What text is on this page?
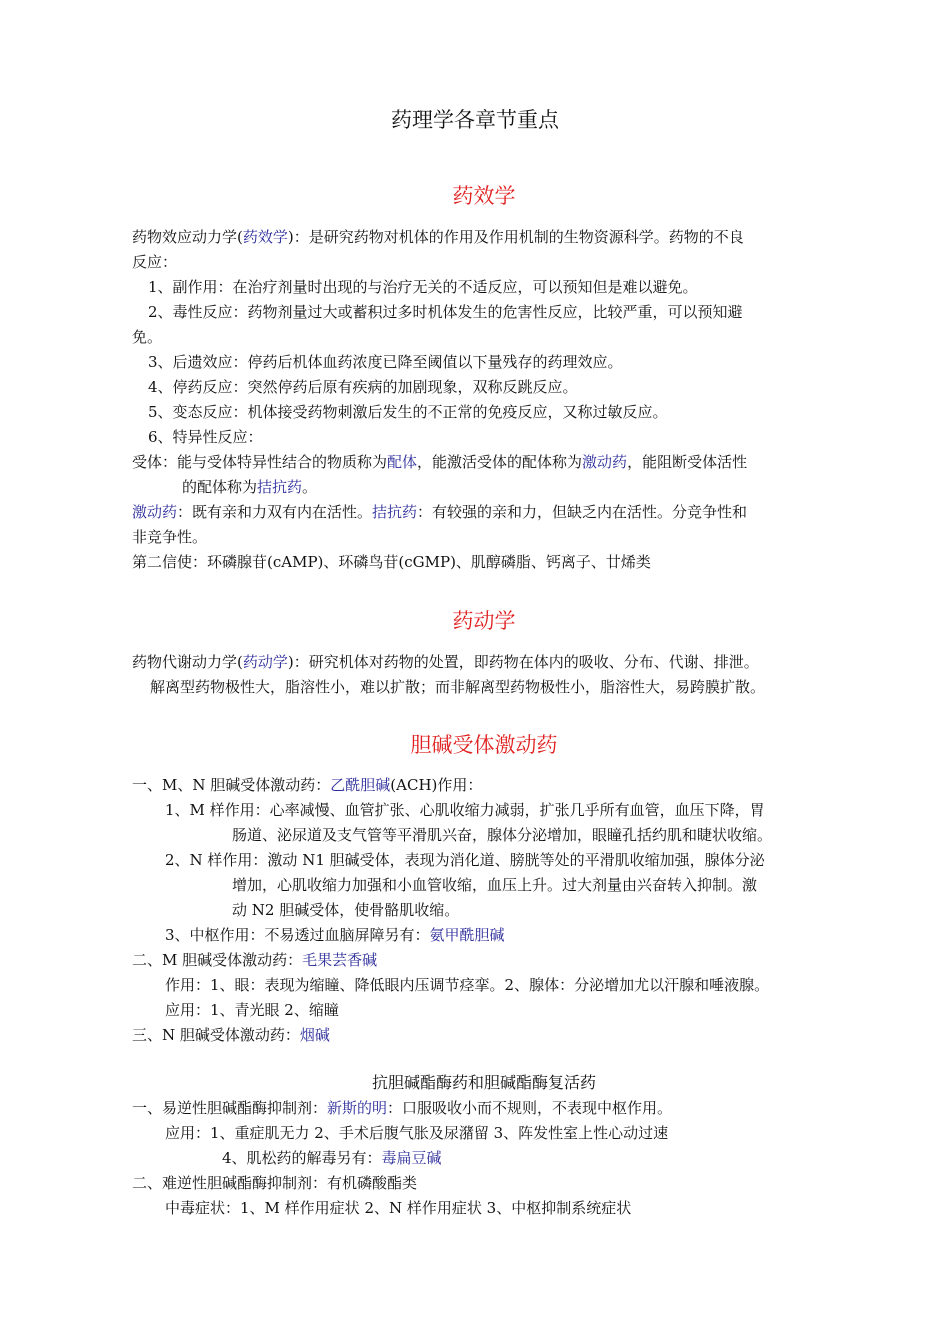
药理学各章节重点
药效学
药物效应动力学(药效学)：是研究药物对机体的作用及作用机制的生物资源科学。药物的不良
反应：
1、副作用：在治疗剂量时出现的与治疗无关的不适反应，可以预知但是难以避免。
2、毒性反应：药物剂量过大或蓄积过多时机体发生的危害性反应，比较严重，可以预知避
免。
3、后遗效应：停药后机体血药浓度已降至阈值以下量残存的药理效应。
4、停药反应：突然停药后原有疾病的加剧现象，双称反跳反应。
5、变态反应：机体接受药物刺激后发生的不正常的免疫反应，又称过敏反应。
6、特异性反应：
受体：能与受体特异性结合的物质称为配体，能激活受体的配体称为激动药，能阻断受体活性
的配体称为拮抗药。
激动药：既有亲和力双有内在活性。拮抗药：有较强的亲和力，但缺乏内在活性。分竞争性和
非竞争性。
第二信使：环磷腺苷(cAMP)、环磷鸟苷(cGMP)、肌醇磷脂、钙离子、廿烯类
药动学
药物代谢动力学(药动学)：研究机体对药物的处置，即药物在体内的吸收、分布、代谢、排泄。
解离型药物极性大，脂溶性小，难以扩散；而非解离型药物极性小，脂溶性大，易跨膜扩散。
胆碱受体激动药
一、M、N 胆碱受体激动药：乙酰胆碱(ACH)作用：
1、M 样作用：心率减慢、血管扩张、心肌收缩力减弱，扩张几乎所有血管，血压下降，胃
肠道、泌尿道及支气管等平滑肌兴奋，腺体分泌增加，眼瞳孔括约肌和睫状收缩。
2、N 样作用：激动 N1 胆碱受体，表现为消化道、膀胱等处的平滑肌收缩加强，腺体分泌
增加，心肌收缩力加强和小血管收缩，血压上升。过大剂量由兴奋转入抑制。激
动 N2 胆碱受体，使骨骼肌收缩。
3、中枢作用：不易透过血脑屏障另有：氨甲酰胆碱
二、M 胆碱受体激动药：毛果芸香碱
作用：1、眼：表现为缩瞳、降低眼内压调节痉挛。2、腺体：分泌增加尤以汗腺和唾液腺。
应用：1、青光眼 2、缩瞳
三、N 胆碱受体激动药：烟碱
抗胆碱酯酶药和胆碱酯酶复活药
一、易逆性胆碱酯酶抑制剂：新斯的明：口服吸收小而不规则，不表现中枢作用。
应用：1、重症肌无力 2、手术后腹气胀及尿潴留 3、阵发性室上性心动过速
4、肌松药的解毒另有：毒扁豆碱
二、难逆性胆碱酯酶抑制剂：有机磷酸酯类
中毒症状：1、M 样作用症状 2、N 样作用症状 3、中枢抑制系统症状
